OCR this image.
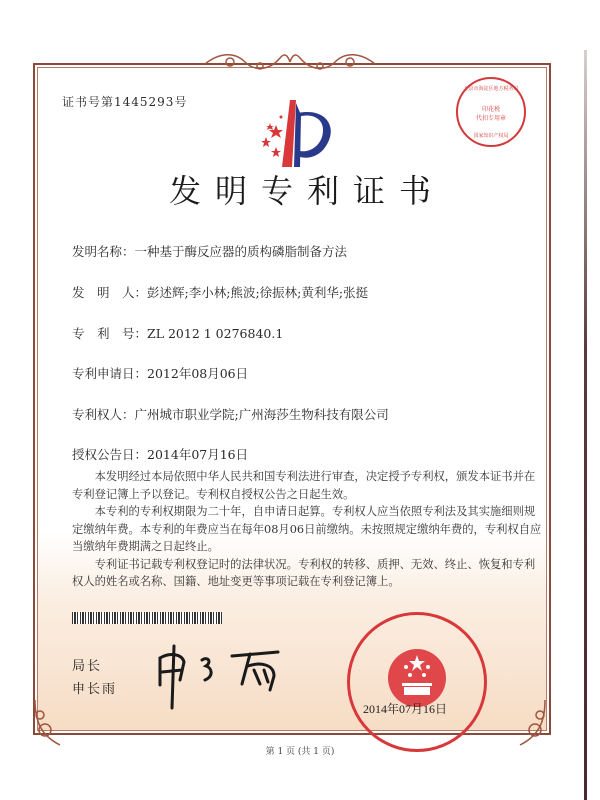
证书号第1445293号
北京市海淀区地方税务局
印花税
代扣专用章
国家知识产权局
发明专利证书
发明名称：一种基于酶反应器的质构磷脂制备方法
发　明　人：彭述辉;李小林;熊波;徐振林;黄利华;张挺
专　利　号：ZL 2012 1 0276840.1
专利申请日：2012年08月06日
专利权人：广州城市职业学院;广州海莎生物科技有限公司
授权公告日：2014年07月16日

本发明经过本局依照中华人民共和国专利法进行审查，决定授予专利权，颁发本证书并在专利登记簿上予以登记。专利权自授权公告之日起生效。

本专利的专利权期限为二十年，自申请日起算。专利权人应当依照专利法及其实施细则规定缴纳年费。本专利的年费应当在每年08月06日前缴纳。未按照规定缴纳年费的，专利权自应当缴纳年费期满之日起终止。

专利证书记载专利权登记时的法律状况。专利权的转移、质押、无效、终止、恢复和专利权人的姓名或名称、国籍、地址变更等事项记载在专利登记簿上。

局长
申长雨
2014年07月16日
第 1 页 (共 1 页)
